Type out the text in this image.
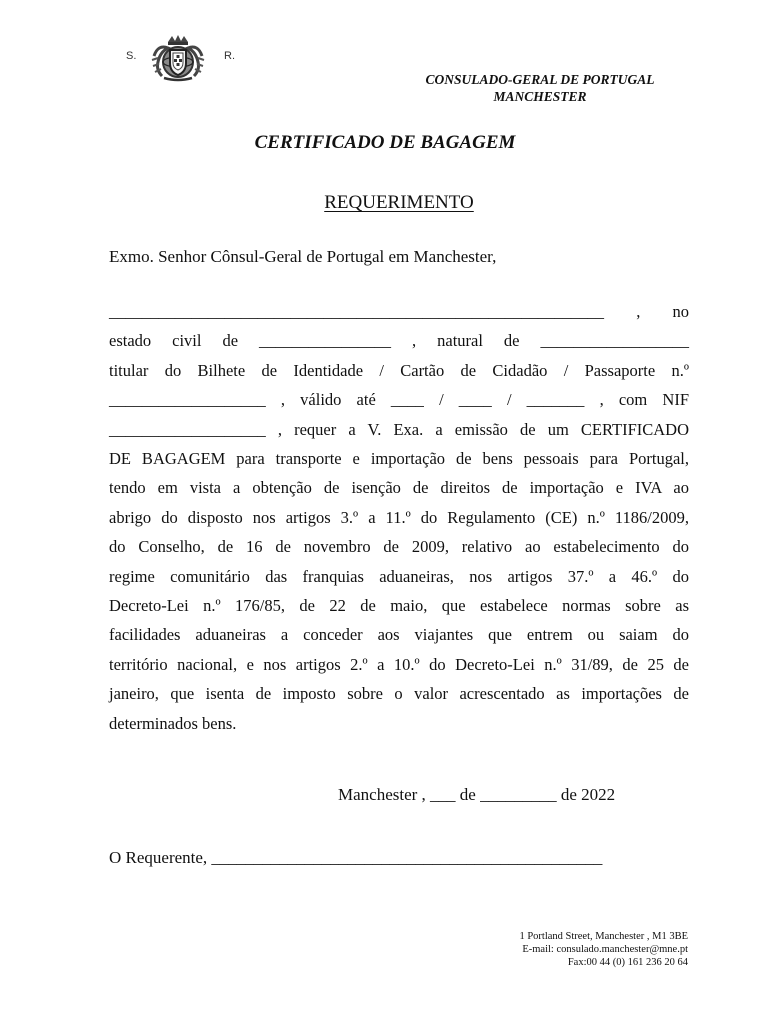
S.	R.
CONSULADO-GERAL DE PORTUGAL
MANCHESTER
CERTIFICADO DE BAGAGEM
REQUERIMENTO
Exmo. Senhor Cônsul-Geral de Portugal em Manchester,

____________________________________________________________ , no
estado civil de ________________ , natural de __________________
titular do Bilhete de Identidade / Cartão de Cidadão / Passaporte n.º
___________________ , válido até ____ / ____ / _______ , com NIF
___________________ , requer a V. Exa. a emissão de um CERTIFICADO
DE BAGAGEM para transporte e importação de bens pessoais para Portugal,
tendo em vista a obtenção de isenção de direitos de importação e IVA ao
abrigo do disposto nos artigos 3.º a 11.º do Regulamento (CE) n.º 1186/2009,
do Conselho, de 16 de novembro de 2009, relativo ao estabelecimento do
regime comunitário das franquias aduaneiras, nos artigos 37.º a 46.º do
Decreto-Lei n.º 176/85, de 22 de maio, que estabelece normas sobre as
facilidades aduaneiras a conceder aos viajantes que entrem ou saiam do
território nacional, e nos artigos 2.º a 10.º do Decreto-Lei n.º 31/89, de 25 de
janeiro, que isenta de imposto sobre o valor acrescentado as importações de
determinados bens.

Manchester , ___ de _________ de 2022
O Requerente, ______________________________________________
1 Portland Street, Manchester , M1 3BE
E-mail: consulado.manchester@mne.pt
Fax:00 44 (0) 161 236 20 64
